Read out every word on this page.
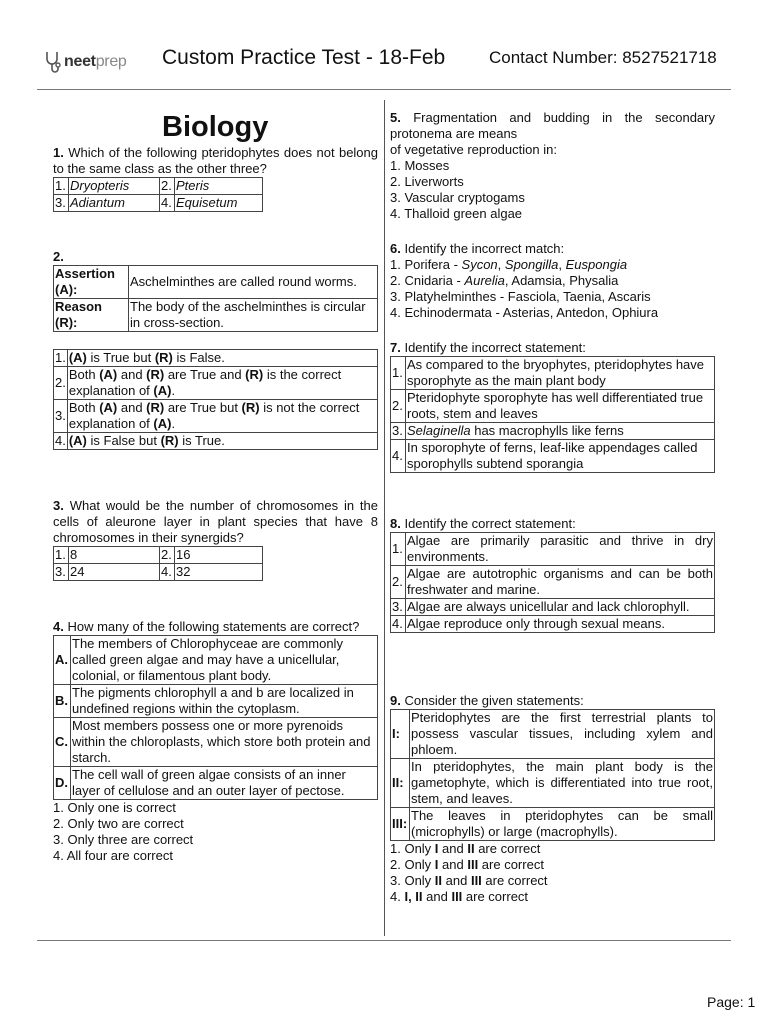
neetprep Custom Practice Test - 18-Feb	Contact Number: 8527521718
Biology

1. Which of the following pteridophytes does not belong to the same class as the other three?

1.	Dryopteris	2.	Pteris
3.	Adiantum	4.	Equisetum

2.

Assertion (A):	Aschelminthes are called round worms.
Reason (R):	The body of the aschelminthes is circular in cross-section.
1.	(A) is True but (R) is False.
2.	Both (A) and (R) are True and (R) is the correct explanation of (A).
3.	Both (A) and (R) are True but (R) is not the correct explanation of (A).
4.	(A) is False but (R) is True.

3. What would be the number of chromosomes in the cells of aleurone layer in plant species that have 8 chromosomes in their synergids?

1.	8	2.	16
3.	24	4.	32

4. How many of the following statements are correct?

A.	The members of Chlorophyceae are commonly called green algae and may have a unicellular, colonial, or filamentous plant body.
B.	The pigments chlorophyll a and b are localized in undefined regions within the cytoplasm.
C.	Most members possess one or more pyrenoids within the chloroplasts, which store both protein and starch.
D.	The cell wall of green algae consists of an inner layer of cellulose and an outer layer of pectose.

1. Only one is correct

2. Only two are correct

3. Only three are correct

4. All four are correct

5. Fragmentation and budding in the secondary protonema are means

of vegetative reproduction in:

1. Mosses

2. Liverworts

3. Vascular cryptogams

4. Thalloid green algae

6. Identify the incorrect match:

1. Porifera - Sycon, Spongilla, Euspongia

2. Cnidaria - Aurelia, Adamsia, Physalia

3. Platyhelminthes - Fasciola, Taenia, Ascaris

4. Echinodermata - Asterias, Antedon, Ophiura

7. Identify the incorrect statement:

1.	As compared to the bryophytes, pteridophytes have sporophyte as the main plant body
2.	Pteridophyte sporophyte has well differentiated true roots, stem and leaves
3.	Selaginella has macrophylls like ferns
4.	In sporophyte of ferns, leaf-like appendages called sporophylls subtend sporangia

8. Identify the correct statement:

1.	Algae are primarily parasitic and thrive in dry environments.
2.	Algae are autotrophic organisms and can be both freshwater and marine.
3.	Algae are always unicellular and lack chlorophyll.
4.	Algae reproduce only through sexual means.

9. Consider the given statements:

I:	Pteridophytes are the first terrestrial plants to possess vascular tissues, including xylem and phloem.
II:	In pteridophytes, the main plant body is the gametophyte, which is differentiated into true root, stem, and leaves.
III:	The leaves in pteridophytes can be small (microphylls) or large (macrophylls).

1. Only I and II are correct

2. Only I and III are correct

3. Only II and III are correct

4. I, II and III are correct

Page: 1
